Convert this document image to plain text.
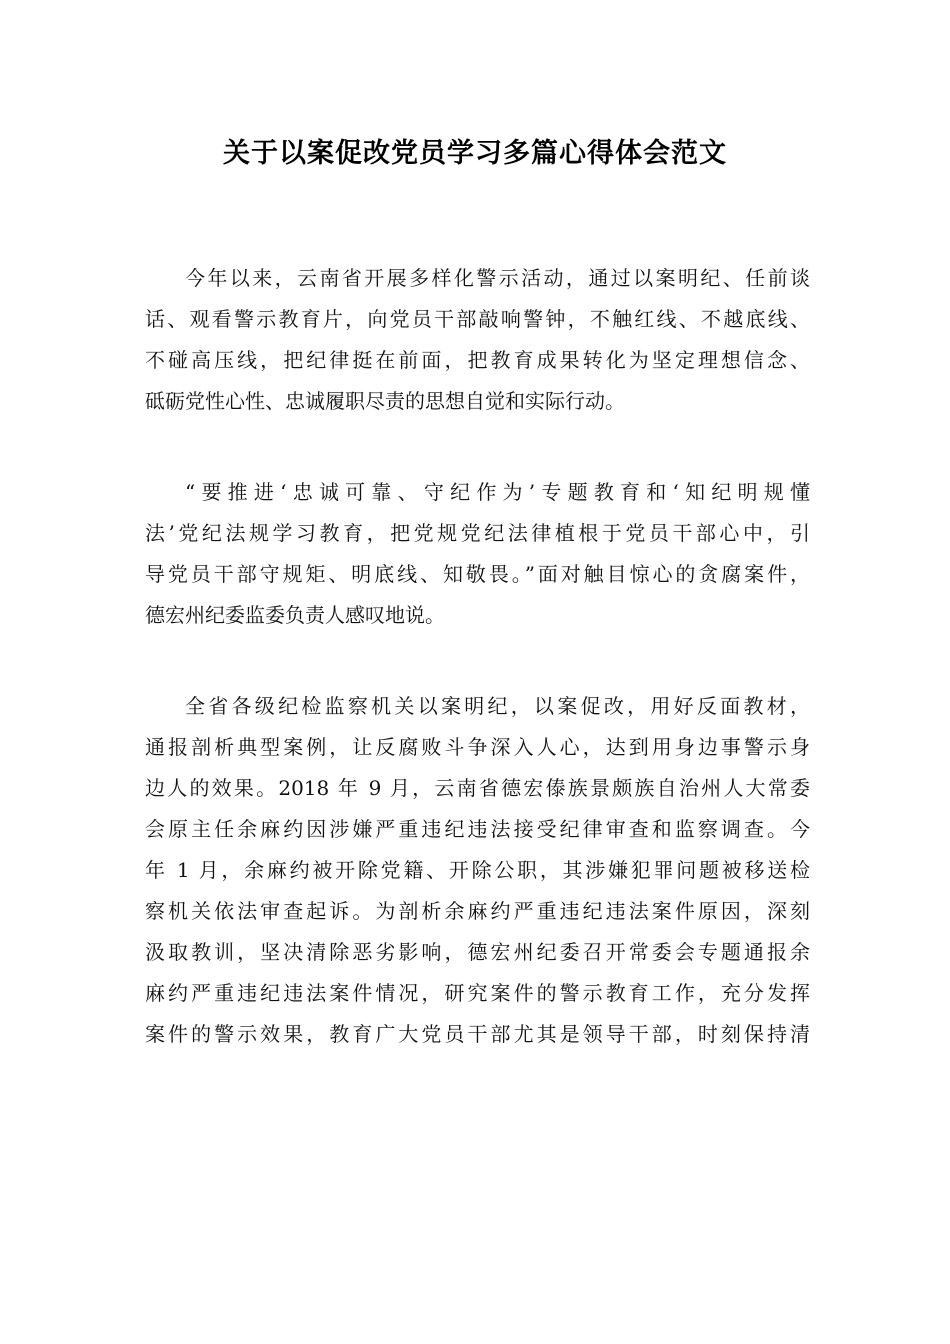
关于以案促改党员学习多篇心得体会范文
今年以来，云南省开展多样化警示活动，通过以案明纪、任前谈
话、观看警示教育片，向党员干部敲响警钟，不触红线、不越底线、
不碰高压线，把纪律挺在前面，把教育成果转化为坚定理想信念、
砥砺党性心性、忠诚履职尽责的思想自觉和实际行动。
“要推进‘忠诚可靠、守纪作为’专题教育和‘知纪明规懂
法’党纪法规学习教育，把党规党纪法律植根于党员干部心中，引
导党员干部守规矩、明底线、知敬畏。”面对触目惊心的贪腐案件，
德宏州纪委监委负责人感叹地说。
全省各级纪检监察机关以案明纪，以案促改，用好反面教材，
通报剖析典型案例，让反腐败斗争深入人心，达到用身边事警示身
边人的效果。2018 年 9 月，云南省德宏傣族景颇族自治州人大常委
会原主任余麻约因涉嫌严重违纪违法接受纪律审查和监察调查。今
年 1 月，余麻约被开除党籍、开除公职，其涉嫌犯罪问题被移送检
察机关依法审查起诉。为剖析余麻约严重违纪违法案件原因，深刻
汲取教训，坚决清除恶劣影响，德宏州纪委召开常委会专题通报余
麻约严重违纪违法案件情况，研究案件的警示教育工作，充分发挥
案件的警示效果，教育广大党员干部尤其是领导干部，时刻保持清
